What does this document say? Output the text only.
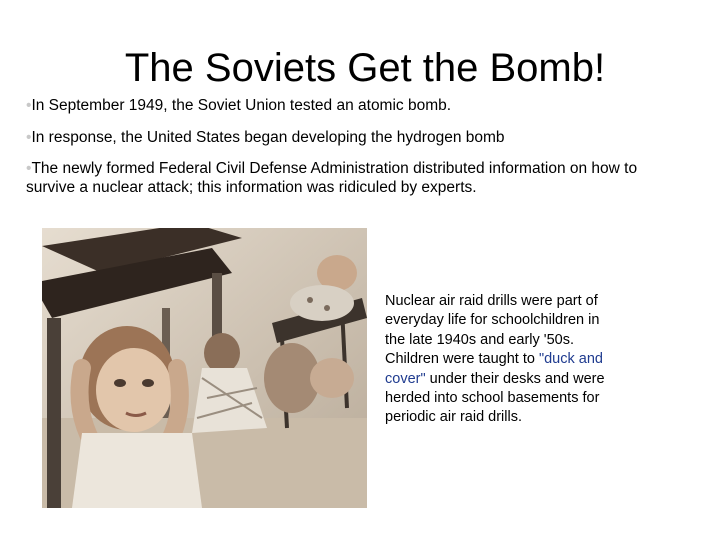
The Soviets Get the Bomb!
•In September 1949, the Soviet Union tested an atomic bomb.
•In response, the United States began developing the hydrogen bomb
•The newly formed Federal Civil Defense Administration distributed information on how to survive a nuclear attack; this information was ridiculed by experts.
Nuclear air raid drills were part of everyday life for schoolchildren in the late 1940s and early '50s. Children were taught to "duck and cover" under their desks and were herded into school basements for periodic air raid drills.
